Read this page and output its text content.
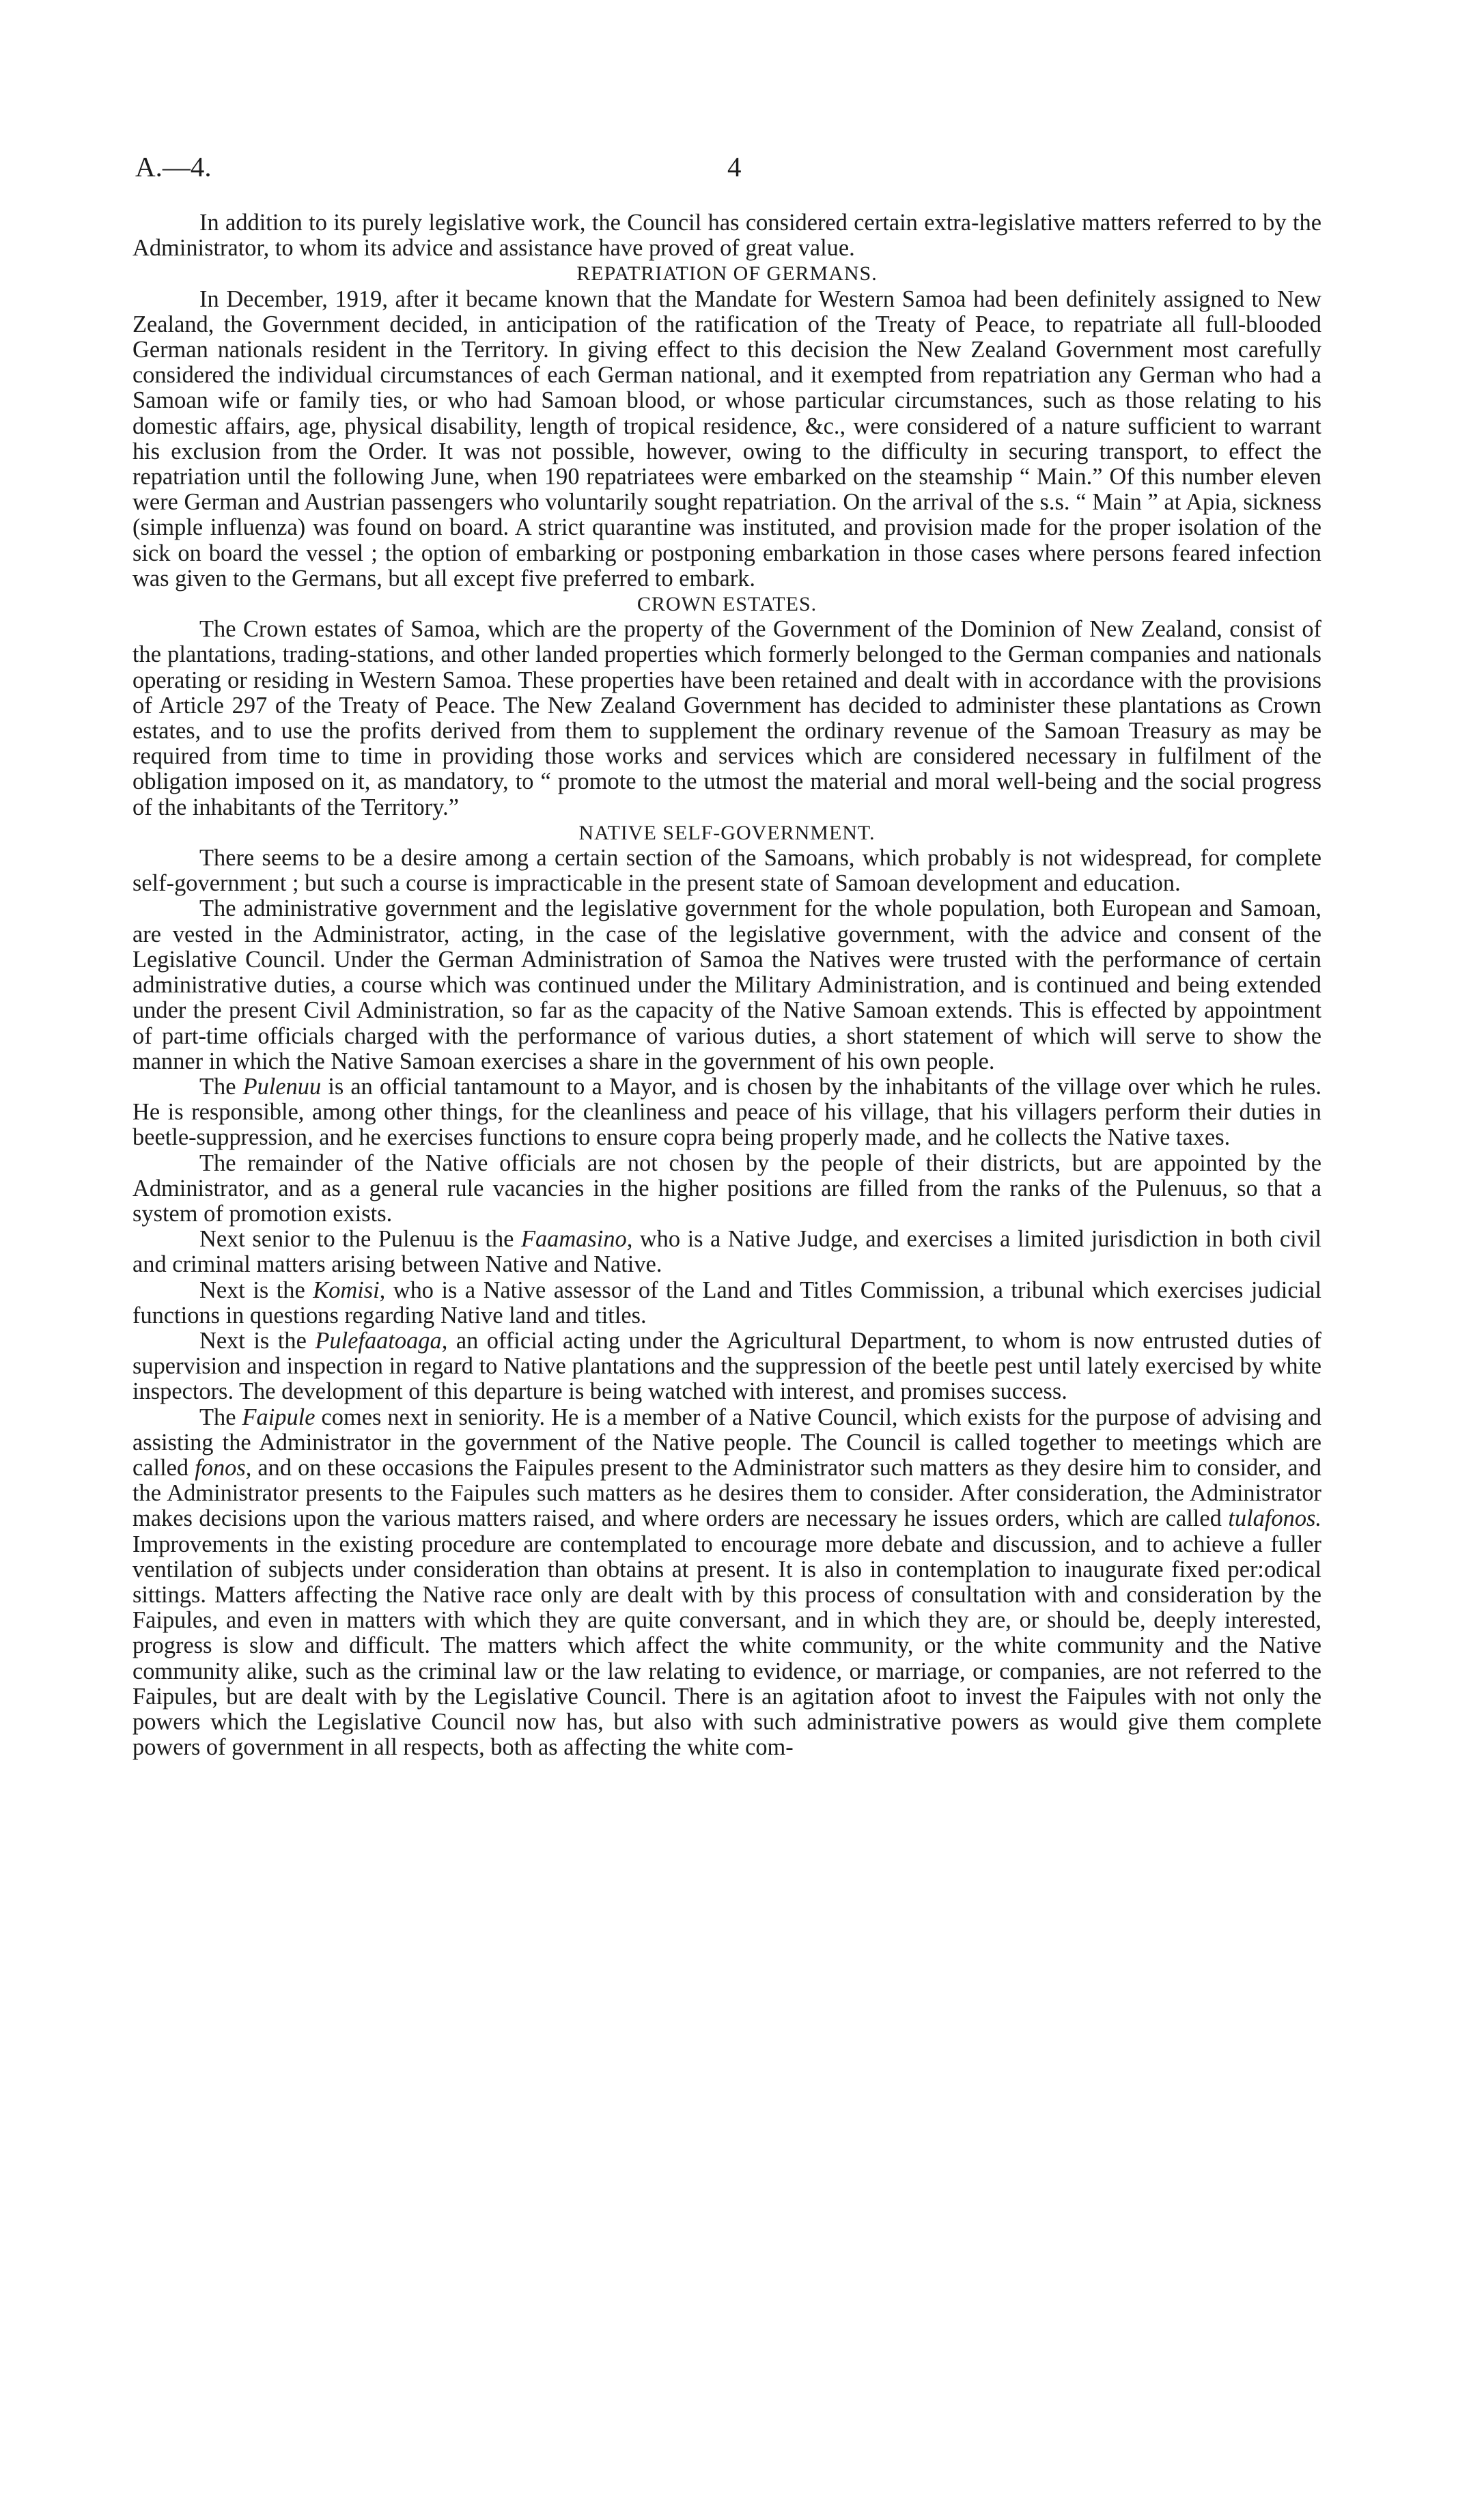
A.—4.	4

In addition to its purely legislative work, the Council has considered certain extra-legislative matters referred to by the Administrator, to whom its advice and assistance have proved of great value.

REPATRIATION OF GERMANS.

In December, 1919, after it became known that the Mandate for Western Samoa had been definitely assigned to New Zealand, the Government decided, in anticipation of the ratification of the Treaty of Peace, to repatriate all full-blooded German nationals resident in the Territory. In giving effect to this decision the New Zealand Government most carefully considered the individual circumstances of each German national, and it exempted from repatriation any German who had a Samoan wife or family ties, or who had Samoan blood, or whose particular circumstances, such as those relating to his domestic affairs, age, physical disability, length of tropical residence, &c., were considered of a nature sufficient to warrant his exclusion from the Order. It was not possible, however, owing to the difficulty in securing transport, to effect the repatriation until the following June, when 190 repatriatees were embarked on the steamship “ Main.” Of this number eleven were German and Austrian passengers who voluntarily sought repatriation. On the arrival of the s.s. “ Main ” at Apia, sickness (simple influenza) was found on board. A strict quarantine was instituted, and provision made for the proper isolation of the sick on board the vessel ; the option of embarking or postponing embarkation in those cases where persons feared infection was given to the Germans, but all except five preferred to embark.

CROWN ESTATES.

The Crown estates of Samoa, which are the property of the Government of the Dominion of New Zealand, consist of the plantations, trading-stations, and other landed properties which formerly belonged to the German companies and nationals operating or residing in Western Samoa. These properties have been retained and dealt with in accordance with the provisions of Article 297 of the Treaty of Peace. The New Zealand Government has decided to administer these plantations as Crown estates, and to use the profits derived from them to supplement the ordinary revenue of the Samoan Treasury as may be required from time to time in providing those works and services which are considered necessary in fulfilment of the obligation imposed on it, as mandatory, to “ promote to the utmost the material and moral well-being and the social progress of the inhabitants of the Territory.”

NATIVE SELF-GOVERNMENT.

There seems to be a desire among a certain section of the Samoans, which probably is not widespread, for complete self-government ; but such a course is impracticable in the present state of Samoan development and education.

The administrative government and the legislative government for the whole population, both European and Samoan, are vested in the Administrator, acting, in the case of the legislative government, with the advice and consent of the Legislative Council. Under the German Administration of Samoa the Natives were trusted with the performance of certain administrative duties, a course which was continued under the Military Administration, and is continued and being extended under the present Civil Administration, so far as the capacity of the Native Samoan extends. This is effected by appointment of part-time officials charged with the performance of various duties, a short statement of which will serve to show the manner in which the Native Samoan exercises a share in the government of his own people.

The Pulenuu is an official tantamount to a Mayor, and is chosen by the inhabitants of the village over which he rules. He is responsible, among other things, for the cleanliness and peace of his village, that his villagers perform their duties in beetle-suppression, and he exercises functions to ensure copra being properly made, and he collects the Native taxes.

The remainder of the Native officials are not chosen by the people of their districts, but are appointed by the Administrator, and as a general rule vacancies in the higher positions are filled from the ranks of the Pulenuus, so that a system of promotion exists.

Next senior to the Pulenuu is the Faamasino, who is a Native Judge, and exercises a limited jurisdiction in both civil and criminal matters arising between Native and Native.

Next is the Komisi, who is a Native assessor of the Land and Titles Commission, a tribunal which exercises judicial functions in questions regarding Native land and titles.

Next is the Pulefaatoaga, an official acting under the Agricultural Department, to whom is now entrusted duties of supervision and inspection in regard to Native plantations and the suppression of the beetle pest until lately exercised by white inspectors. The development of this departure is being watched with interest, and promises success.

The Faipule comes next in seniority. He is a member of a Native Council, which exists for the purpose of advising and assisting the Administrator in the government of the Native people. The Council is called together to meetings which are called fonos, and on these occasions the Faipules present to the Administrator such matters as they desire him to consider, and the Administrator presents to the Faipules such matters as he desires them to consider. After consideration, the Administrator makes decisions upon the various matters raised, and where orders are necessary he issues orders, which are called tulafonos. Improvements in the existing procedure are contemplated to encourage more debate and discussion, and to achieve a fuller ventilation of subjects under consideration than obtains at present. It is also in contemplation to inaugurate fixed per:odical sittings. Matters affecting the Native race only are dealt with by this process of consultation with and consideration by the Faipules, and even in matters with which they are quite conversant, and in which they are, or should be, deeply interested, progress is slow and difficult. The matters which affect the white community, or the white community and the Native community alike, such as the criminal law or the law relating to evidence, or marriage, or companies, are not referred to the Faipules, but are dealt with by the Legislative Council. There is an agitation afoot to invest the Faipules with not only the powers which the Legislative Council now has, but also with such administrative powers as would give them complete powers of government in all respects, both as affecting the white com-
